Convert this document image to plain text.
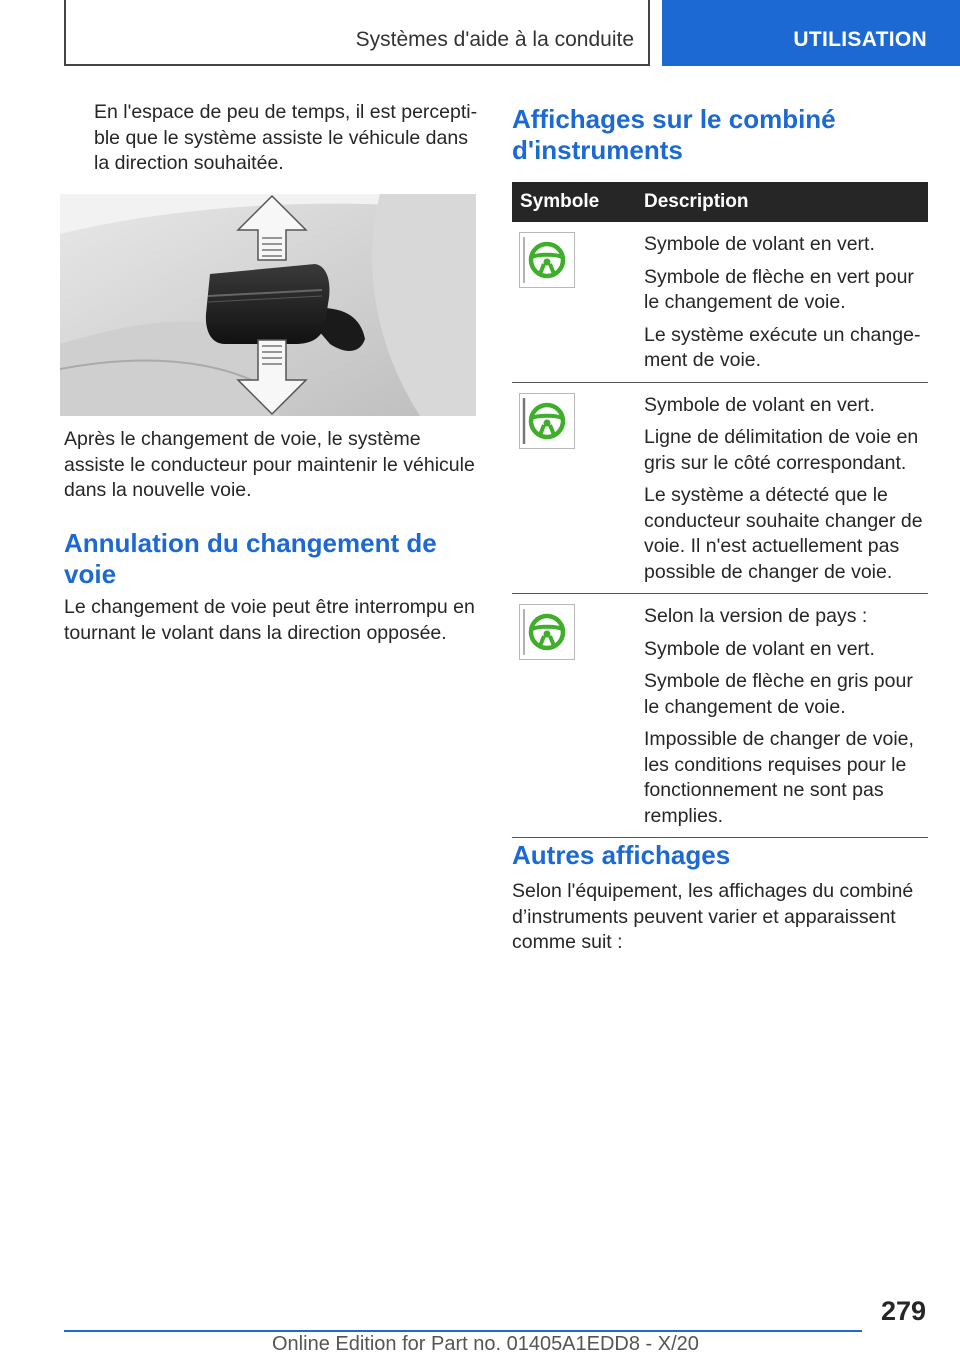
Systèmes d'aide à la conduite	UTILISATION

En l'espace de peu de temps, il est perceptible que le système assiste le véhicule dans la direction souhaitée.

Après le changement de voie, le système assiste le conducteur pour maintenir le véhicule dans la nouvelle voie.

Annulation du changement de voie

Le changement de voie peut être interrompu en tournant le volant dans la direction opposée.

Affichages sur le combiné d'instruments
Symbole	Description

Symbole de volant en vert.

Symbole de flèche en vert pour le changement de voie.

Le système exécute un changement de voie.

Symbole de volant en vert.

Ligne de délimitation de voie en gris sur le côté correspondant.

Le système a détecté que le conducteur souhaite changer de voie. Il n'est actuellement pas possible de changer de voie.

Selon la version de pays :

Symbole de volant en vert.

Symbole de flèche en gris pour le changement de voie.

Impossible de changer de voie, les conditions requises pour le fonctionnement ne sont pas remplies.

Autres affichages

Selon l'équipement, les affichages du combiné d’instruments peuvent varier et apparaissent comme suit :

279
Online Edition for Part no. 01405A1EDD8 - X/20
